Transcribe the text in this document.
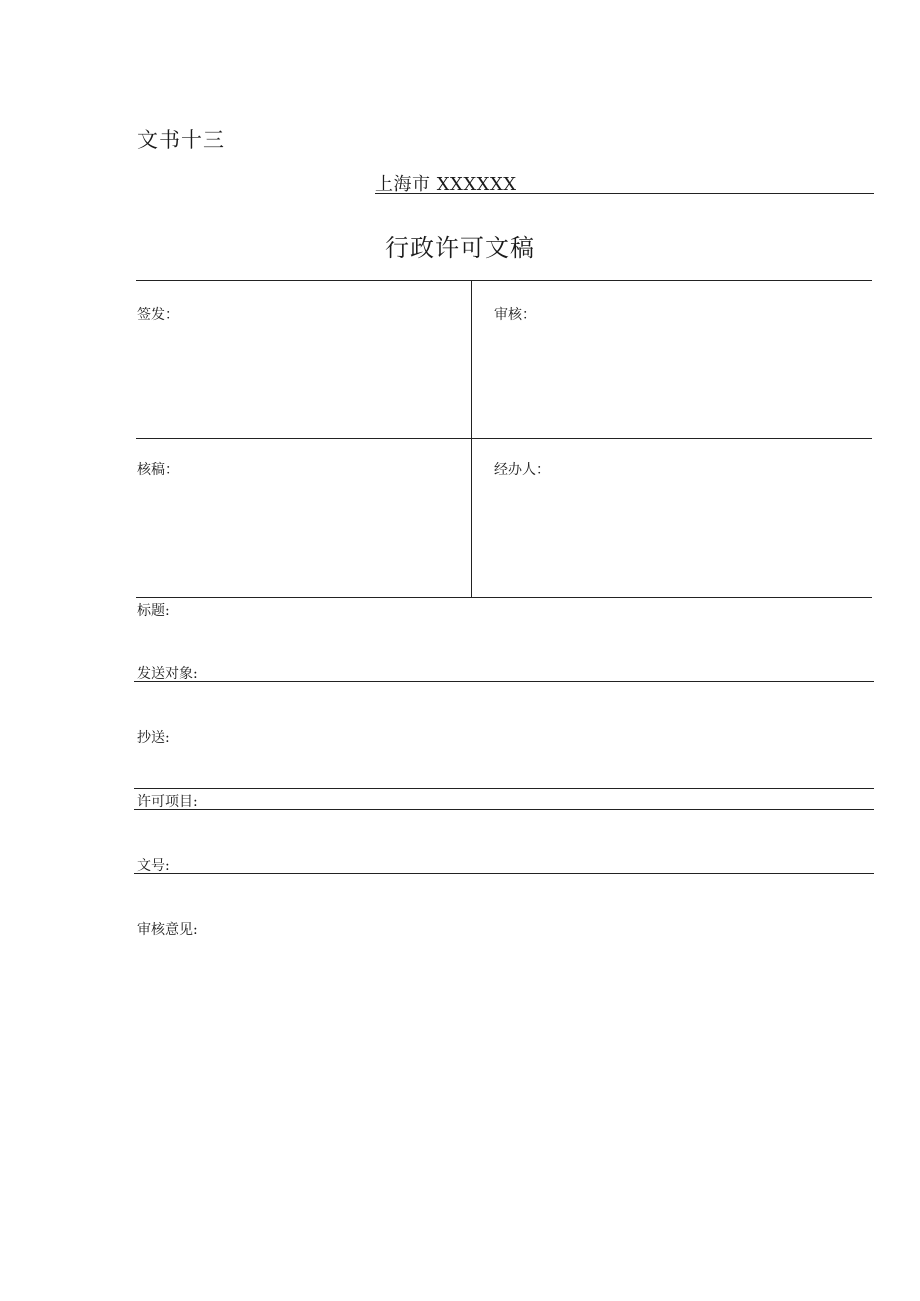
文书十三
上海市 XXXXXX
行政许可文稿
签发：	审核：
核稿：	经办人：
标题:
发送对象:
抄送:
许可项目:
文号:
审核意见:
